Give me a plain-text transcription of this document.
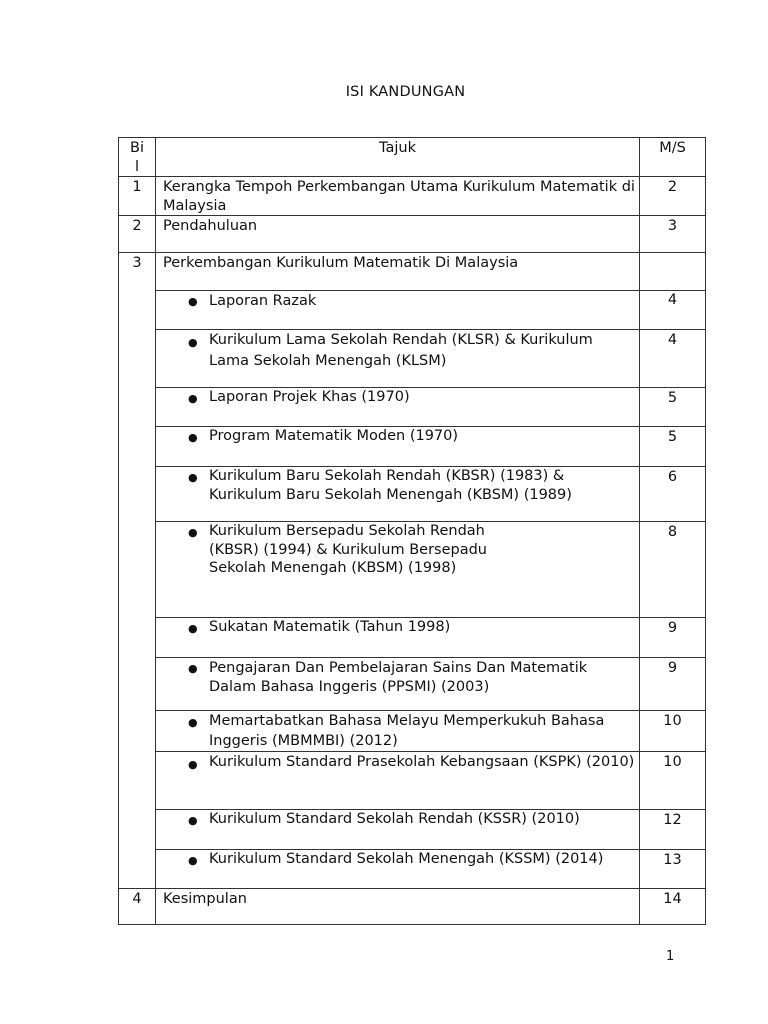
ISI KANDUNGAN
Bi l	Tajuk	M/S
1	Kerangka Tempoh Perkembangan Utama Kurikulum Matematik di Malaysia	2
2	Pendahuluan	3
3	Perkembangan Kurikulum Matematik Di Malaysia	

	● Laporan Razak	4

	● Kurikulum Lama Sekolah Rendah (KLSR) & Kurikulum Lama Sekolah Menengah (KLSM)	4

	● Laporan Projek Khas (1970)	5

	● Program Matematik Moden (1970)	5

	● Kurikulum Baru Sekolah Rendah (KBSR) (1983) & Kurikulum Baru Sekolah Menengah (KBSM) (1989)	6

	● Kurikulum Bersepadu Sekolah Rendah (KBSR) (1994) & Kurikulum Bersepadu Sekolah Menengah (KBSM) (1998)	8

	● Sukatan Matematik (Tahun 1998)	9

	● Pengajaran Dan Pembelajaran Sains Dan Matematik Dalam Bahasa Inggeris (PPSMI) (2003)	9

	● Memartabatkan Bahasa Melayu Memperkukuh Bahasa Inggeris (MBMMBI) (2012)	10

	● Kurikulum Standard Prasekolah Kebangsaan (KSPK) (2010)	10

	● Kurikulum Standard Sekolah Rendah (KSSR) (2010)	12

	● Kurikulum Standard Sekolah Menengah (KSSM) (2014)	13
4	Kesimpulan	14
1
